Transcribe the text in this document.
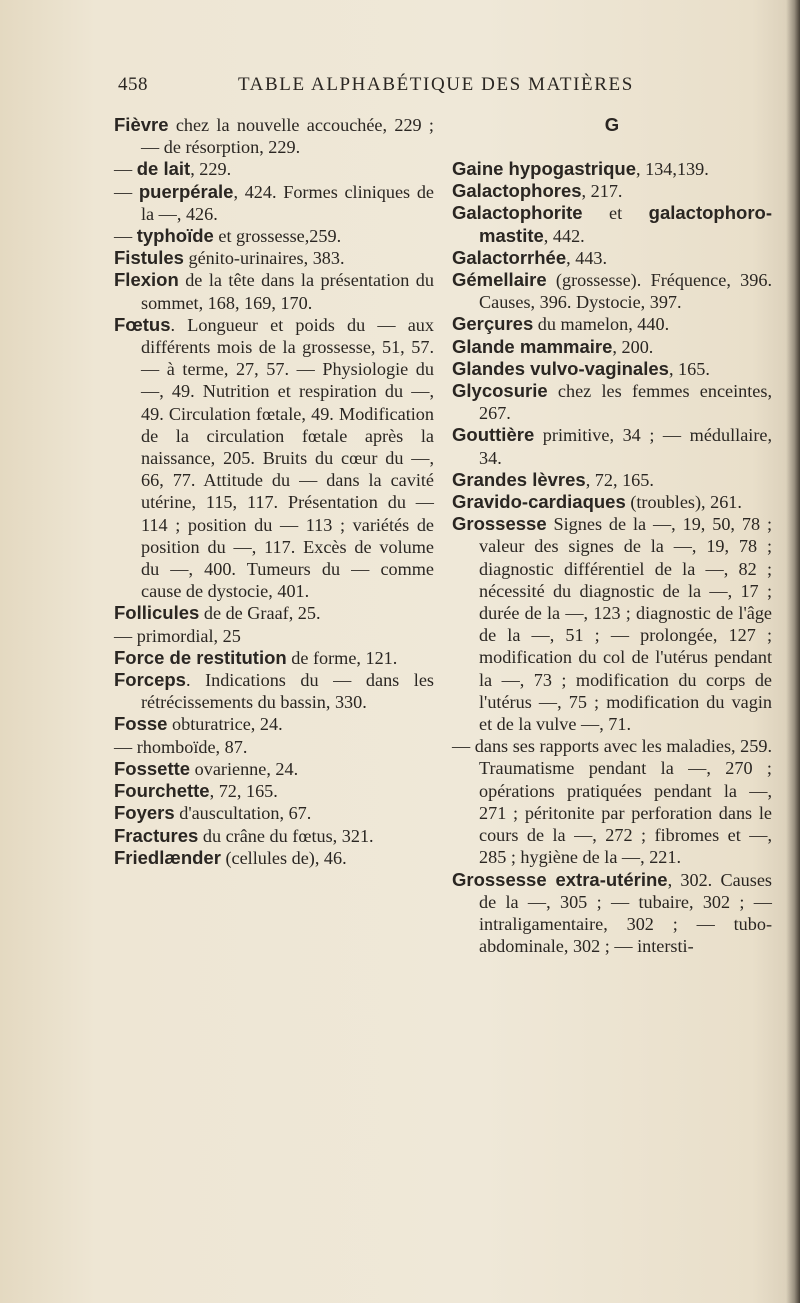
458	TABLE ALPHABÉTIQUE DES MATIÈRES

Fièvre chez la nouvelle accouchée, 229 ; — de résorption, 229.

— de lait, 229.

— puerpérale, 424. Formes cliniques de la —, 426.

— typhoïde et grossesse,259.

Fistules génito-urinaires, 383.

Flexion de la tête dans la présentation du sommet, 168, 169, 170.

Fœtus. Longueur et poids du — aux différents mois de la grossesse, 51, 57. — à terme, 27, 57. — Physiologie du —, 49. Nutrition et respiration du —, 49. Circulation fœtale, 49. Modification de la circulation fœtale après la naissance, 205. Bruits du cœur du —, 66, 77. Attitude du — dans la cavité utérine, 115, 117. Présentation du — 114 ; position du — 113 ; variétés de position du —, 117. Excès de volume du —, 400. Tumeurs du — comme cause de dystocie, 401.

Follicules de de Graaf, 25.

— primordial, 25

Force de restitution de forme, 121.

Forceps. Indications du — dans les rétrécissements du bassin, 330.

Fosse obturatrice, 24.

— rhomboïde, 87.

Fossette ovarienne, 24.

Fourchette, 72, 165.

Foyers d'auscultation, 67.

Fractures du crâne du fœtus, 321.

Friedlænder (cellules de), 46.

G

Gaine hypogastrique, 134,139.

Galactophores, 217.

Galactophorite et galactophoro-mastite, 442.

Galactorrhée, 443.

Gémellaire (grossesse). Fréquence, 396. Causes, 396. Dystocie, 397.

Gerçures du mamelon, 440.

Glande mammaire, 200.

Glandes vulvo-vaginales, 165.

Glycosurie chez les femmes enceintes, 267.

Gouttière primitive, 34 ; — médullaire, 34.

Grandes lèvres, 72, 165.

Gravido-cardiaques (troubles), 261.

Grossesse Signes de la —, 19, 50, 78 ; valeur des signes de la —, 19, 78 ; diagnostic différentiel de la —, 82 ; nécessité du diagnostic de la —, 17 ; durée de la —, 123 ; diagnostic de l'âge de la —, 51 ; — prolongée, 127 ; modification du col de l'utérus pendant la —, 73 ; modification du corps de l'utérus —, 75 ; modification du vagin et de la vulve —, 71.

— dans ses rapports avec les maladies, 259. Traumatisme pendant la —, 270 ; opérations pratiquées pendant la —, 271 ; péritonite par perforation dans le cours de la —, 272 ; fibromes et —, 285 ; hygiène de la —, 221.

Grossesse extra-utérine, 302. Causes de la —, 305 ; — tubaire, 302 ; — intraligamentaire, 302 ; — tubo-abdominale, 302 ; — intersti-
